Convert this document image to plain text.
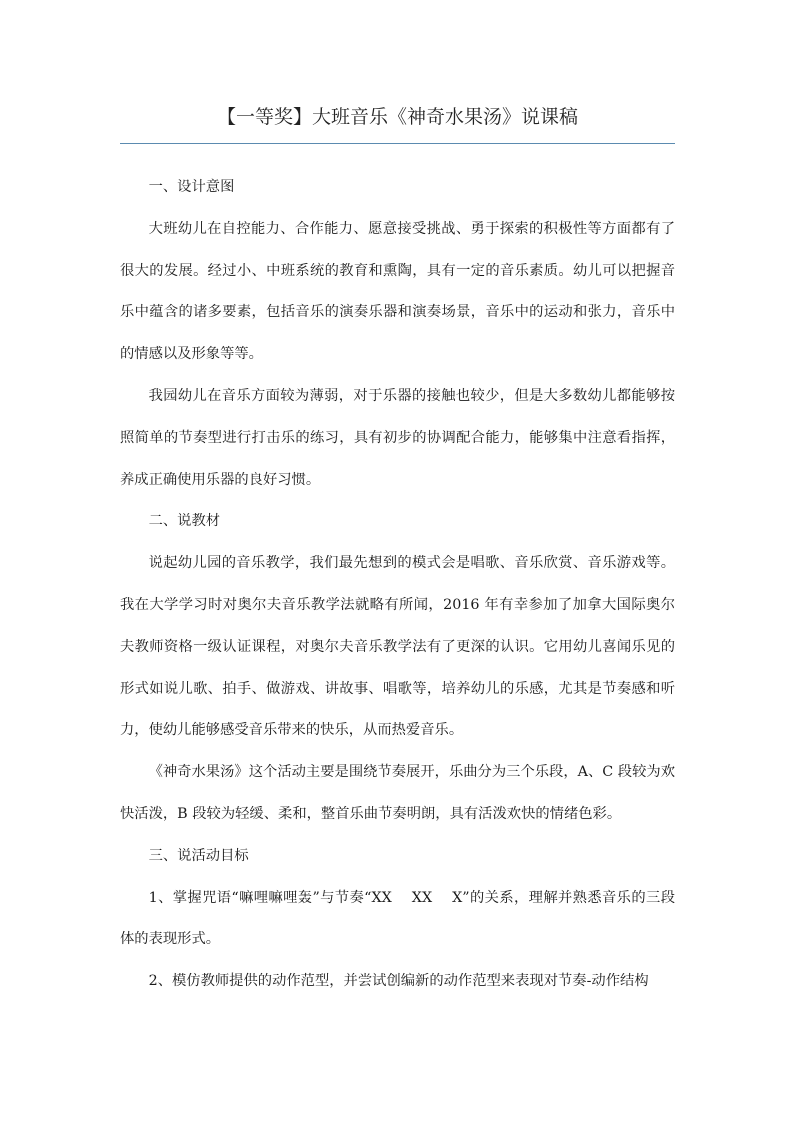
【一等奖】大班音乐《神奇水果汤》说课稿

一、设计意图

大班幼儿在自控能力、合作能力、愿意接受挑战、勇于探索的积极性等方面都有了很大的发展。经过小、中班系统的教育和熏陶，具有一定的音乐素质。幼儿可以把握音乐中蕴含的诸多要素，包括音乐的演奏乐器和演奏场景，音乐中的运动和张力，音乐中的情感以及形象等等。

我园幼儿在音乐方面较为薄弱，对于乐器的接触也较少，但是大多数幼儿都能够按照简单的节奏型进行打击乐的练习，具有初步的协调配合能力，能够集中注意看指挥，养成正确使用乐器的良好习惯。

二、说教材

说起幼儿园的音乐教学，我们最先想到的模式会是唱歌、音乐欣赏、音乐游戏等。我在大学学习时对奥尔夫音乐教学法就略有所闻，2016 年有幸参加了加拿大国际奥尔夫教师资格一级认证课程，对奥尔夫音乐教学法有了更深的认识。它用幼儿喜闻乐见的形式如说儿歌、拍手、做游戏、讲故事、唱歌等，培养幼儿的乐感，尤其是节奏感和听力，使幼儿能够感受音乐带来的快乐，从而热爱音乐。

《神奇水果汤》这个活动主要是围绕节奏展开，乐曲分为三个乐段，A、C 段较为欢快活泼，B 段较为轻缓、柔和，整首乐曲节奏明朗，具有活泼欢快的情绪色彩。

三、说活动目标

1、掌握咒语“嘛哩嘛哩轰”与节奏“XX　 XX　 X”的关系，理解并熟悉音乐的三段体的表现形式。

2、模仿教师提供的动作范型，并尝试创编新的动作范型来表现对节奏-动作结构
